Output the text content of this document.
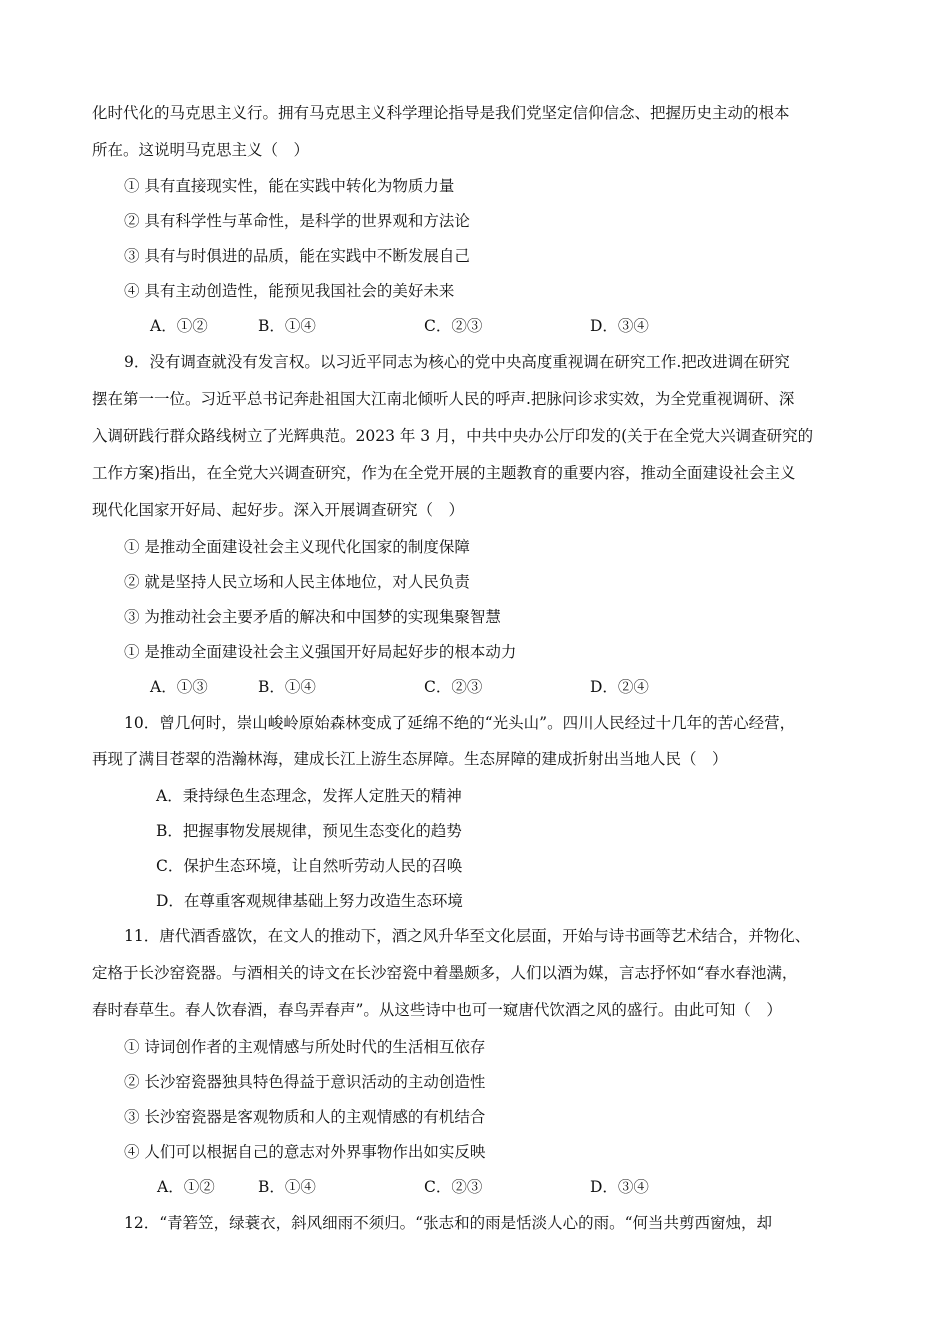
化时代化的马克思主义行。拥有马克思主义科学理论指导是我们党坚定信仰信念、把握历史主动的根本
所在。这说明马克思主义（　）
① 具有直接现实性，能在实践中转化为物质力量
② 具有科学性与革命性，是科学的世界观和方法论
③ 具有与时俱进的品质，能在实践中不断发展自己
④ 具有主动创造性，能预见我国社会的美好未来
A．①②	B．①④	C．②③	D．③④
9．没有调查就没有发言权。以习近平同志为核心的党中央高度重视调在研究工作.把改进调在研究
摆在第一一位。习近平总书记奔赴祖国大江南北倾听人民的呼声.把脉问诊求实效，为全党重视调研、深
入调研践行群众路线树立了光辉典范。2023 年 3 月，中共中央办公厅印发的(关于在全党大兴调查研究的
工作方案)指出，在全党大兴调查研究，作为在全党开展的主题教育的重要内容，推动全面建设社会主义
现代化国家开好局、起好步。深入开展调查研究（　）
① 是推动全面建设社会主义现代化国家的制度保障
② 就是坚持人民立场和人民主体地位，对人民负责
③ 为推动社会主要矛盾的解决和中国梦的实现集聚智慧
① 是推动全面建设社会主义强国开好局起好步的根本动力
A．①③	B．①④	C．②③	D．②④
10．曾几何时，崇山峻岭原始森林变成了延绵不绝的“光头山”。四川人民经过十几年的苦心经营，
再现了满目苍翠的浩瀚林海，建成长江上游生态屏障。生态屏障的建成折射出当地人民（　）
A．秉持绿色生态理念，发挥人定胜天的精神
B．把握事物发展规律，预见生态变化的趋势
C．保护生态环境，让自然听劳动人民的召唤
D．在尊重客观规律基础上努力改造生态环境
11．唐代酒香盛饮，在文人的推动下，酒之风升华至文化层面，开始与诗书画等艺术结合，并物化、
定格于长沙窑瓷器。与酒相关的诗文在长沙窑瓷中着墨颇多，人们以酒为媒，言志抒怀如“春水春池满，
春时春草生。春人饮春酒，春鸟弄春声”。从这些诗中也可一窥唐代饮酒之风的盛行。由此可知（　）
① 诗词创作者的主观情感与所处时代的生活相互依存
② 长沙窑瓷器独具特色得益于意识活动的主动创造性
③ 长沙窑瓷器是客观物质和人的主观情感的有机结合
④ 人们可以根据自己的意志对外界事物作出如实反映
A．①②	B．①④	C．②③	D．③④
12．“青箬笠，绿蓑衣，斜风细雨不须归。“张志和的雨是恬淡人心的雨。“何当共剪西窗烛，却
